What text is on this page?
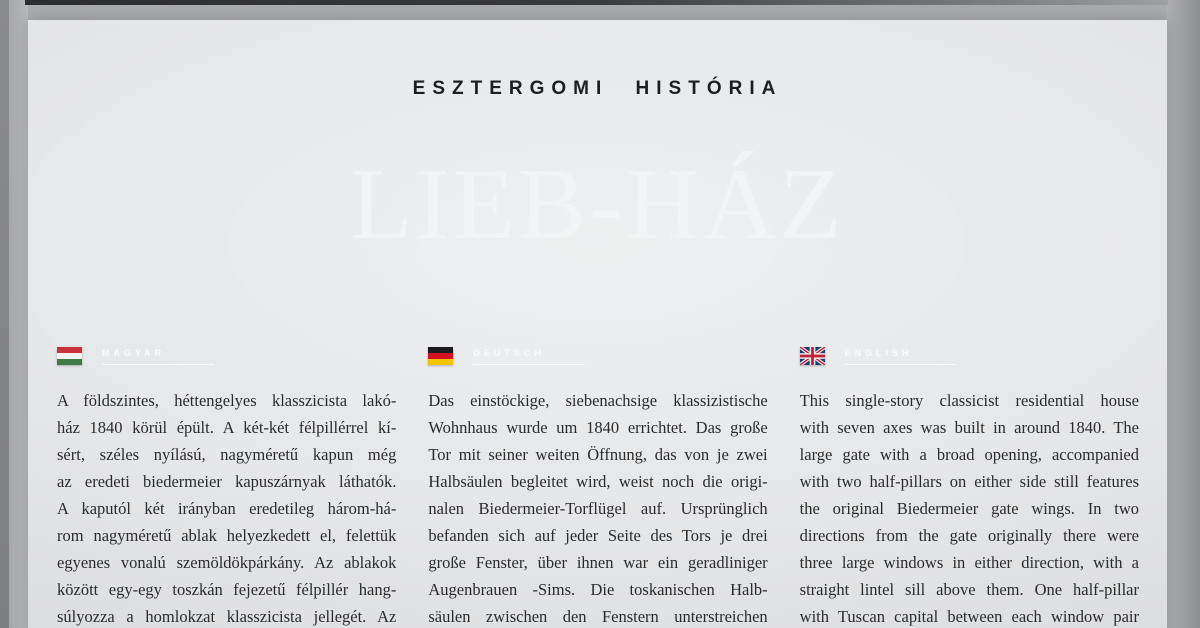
ESZTERGOMI HISTÓRIA
LIEB-HÁZ
MAGYAR
A földszintes, héttengelyes klasszicista lakó-
ház 1840 körül épült. A két-két félpillérrel kí-
sért, széles nyílású, nagyméretű kapun még
az eredeti biedermeier kapuszárnyak láthatók.
A kaputól két irányban eredetileg három-há-
rom nagyméretű ablak helyezkedett el, felettük
egyenes vonalú szemöldökpárkány. Az ablakok
között egy-egy toszkán fejezetű félpillér hang-
súlyozza a homlokzat klasszicista jellegét. Az
DEUTSCH
Das einstöckige, siebenachsige klassizistische
Wohnhaus wurde um 1840 errichtet. Das große
Tor mit seiner weiten Öffnung, das von je zwei
Halbsäulen begleitet wird, weist noch die origi-
nalen Biedermeier-Torflügel auf. Ursprünglich
befanden sich auf jeder Seite des Tors je drei
große Fenster, über ihnen war ein geradliniger
Augenbrauen -Sims. Die toskanischen Halb-
säulen zwischen den Fenstern unterstreichen
ENGLISH
This single-story classicist residential house
with seven axes was built in around 1840. The
large gate with a broad opening, accompanied
with two half-pillars on either side still features
the original Biedermeier gate wings. In two
directions from the gate originally there were
three large windows in either direction, with a
straight lintel sill above them. One half-pillar
with Tuscan capital between each window pair
